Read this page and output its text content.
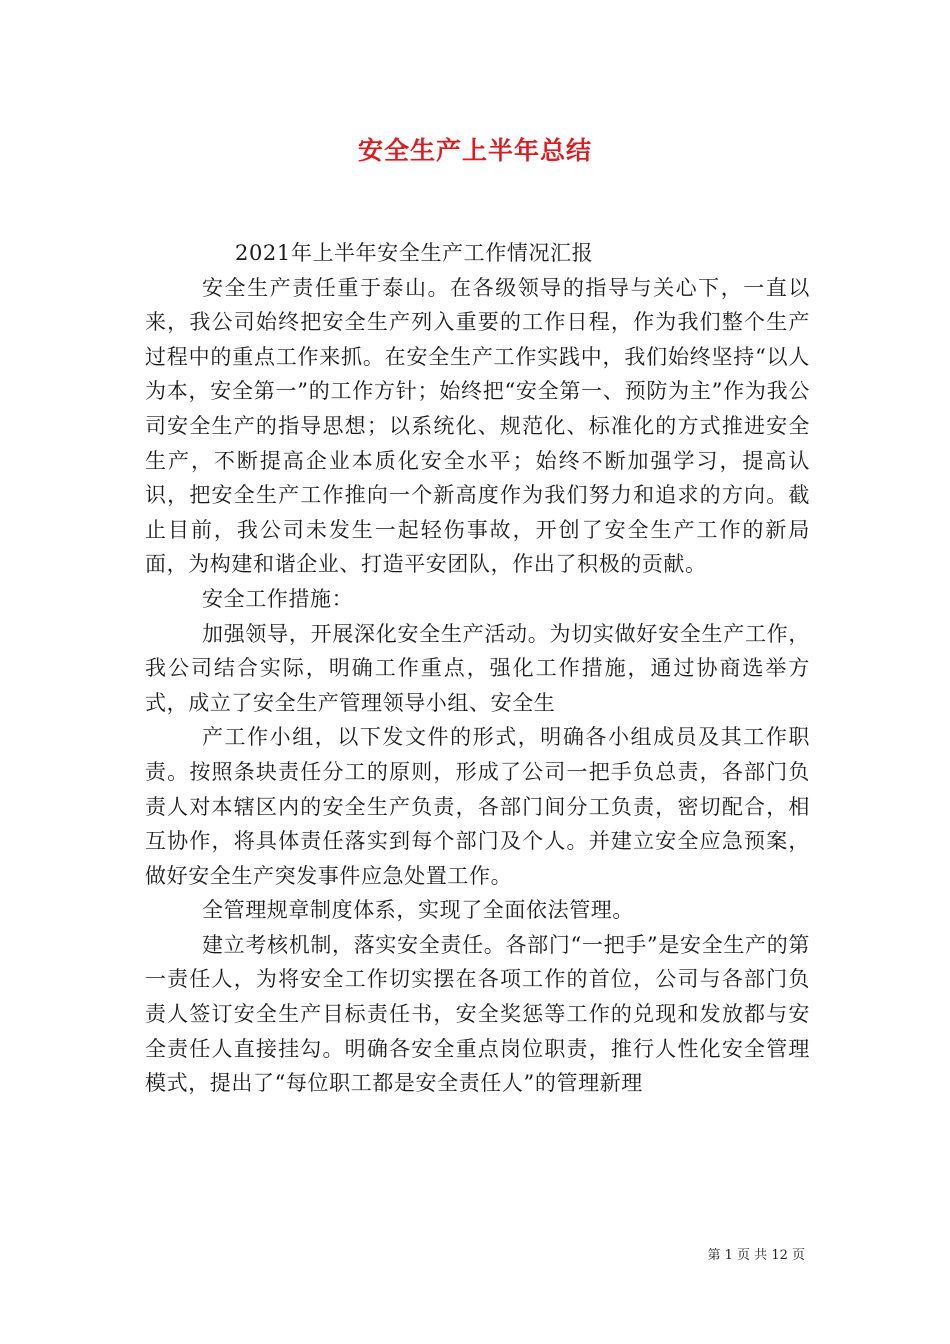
安全生产上半年总结

2021年上半年安全生产工作情况汇报

安全生产责任重于泰山。在各级领导的指导与关心下，一直以来，我公司始终把安全生产列入重要的工作日程，作为我们整个生产过程中的重点工作来抓。在安全生产工作实践中，我们始终坚持“以人为本，安全第一”的工作方针；始终把“安全第一、预防为主”作为我公司安全生产的指导思想；以系统化、规范化、标准化的方式推进安全生产，不断提高企业本质化安全水平；始终不断加强学习，提高认识，把安全生产工作推向一个新高度作为我们努力和追求的方向。截止目前，我公司未发生一起轻伤事故，开创了安全生产工作的新局面，为构建和谐企业、打造平安团队，作出了积极的贡献。

安全工作措施：

加强领导，开展深化安全生产活动。为切实做好安全生产工作，我公司结合实际，明确工作重点，强化工作措施，通过协商选举方式，成立了安全生产管理领导小组、安全生

产工作小组，以下发文件的形式，明确各小组成员及其工作职责。按照条块责任分工的原则，形成了公司一把手负总责，各部门负责人对本辖区内的安全生产负责，各部门间分工负责，密切配合，相互协作，将具体责任落实到每个部门及个人。并建立安全应急预案，做好安全生产突发事件应急处置工作。

全管理规章制度体系，实现了全面依法管理。

建立考核机制，落实安全责任。各部门“一把手”是安全生产的第一责任人，为将安全工作切实摆在各项工作的首位，公司与各部门负责人签订安全生产目标责任书，安全奖惩等工作的兑现和发放都与安全责任人直接挂勾。明确各安全重点岗位职责，推行人性化安全管理模式，提出了“每位职工都是安全责任人”的管理新理

第 1 页 共 12 页
